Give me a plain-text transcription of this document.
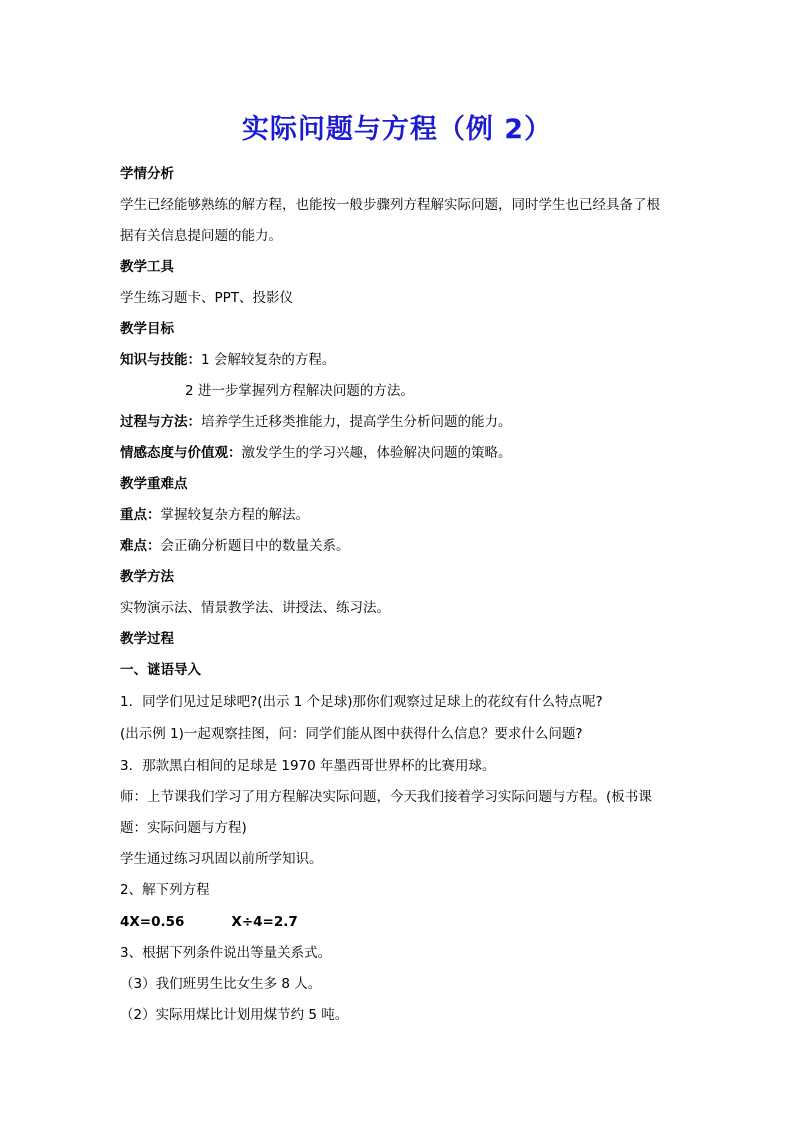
实际问题与方程（例 2）
学情分析
学生已经能够熟练的解方程，也能按一般步骤列方程解实际问题，同时学生也已经具备了根
据有关信息提问题的能力。
教学工具
学生练习题卡、PPT、投影仪
教学目标
知识与技能：1 会解较复杂的方程。
2 进一步掌握列方程解决问题的方法。
过程与方法：培养学生迁移类推能力，提高学生分析问题的能力。
情感态度与价值观：激发学生的学习兴趣，体验解决问题的策略。
教学重难点
重点：掌握较复杂方程的解法。
难点：会正确分析题目中的数量关系。
教学方法
实物演示法、情景教学法、讲授法、练习法。
教学过程
一、谜语导入
1．同学们见过足球吧?(出示 1 个足球)那你们观察过足球上的花纹有什么特点呢?
(出示例 1)一起观察挂图，问：同学们能从图中获得什么信息？要求什么问题?
3．那款黑白相间的足球是 1970 年墨西哥世界杯的比赛用球。
师：上节课我们学习了用方程解决实际问题，今天我们接着学习实际问题与方程。(板书课
题：实际问题与方程)
学生通过练习巩固以前所学知识。
2、解下列方程
4X=0.56          X÷4=2.7
3、根据下列条件说出等量关系式。
（3）我们班男生比女生多 8 人。
（2）实际用煤比计划用煤节约 5 吨。
